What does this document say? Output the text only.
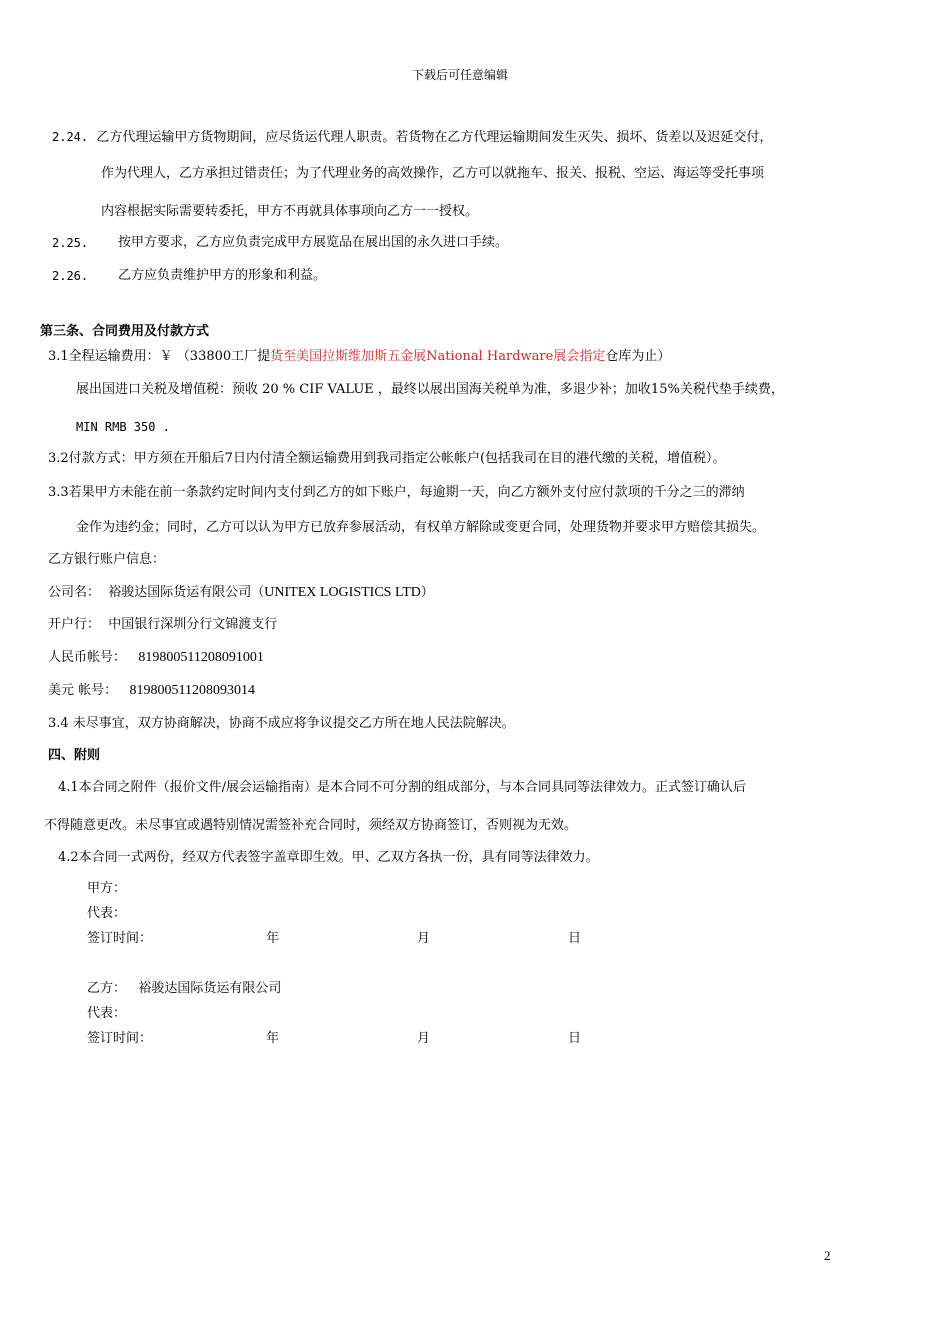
下载后可任意编辑
2.24. 乙方代理运输甲方货物期间，应尽货运代理人职责。若货物在乙方代理运输期间发生灭失、损坏、货差以及迟延交付，
作为代理人，乙方承担过错责任；为了代理业务的高效操作，乙方可以就拖车、报关、报税、空运、海运等受托事项
内容根据实际需要转委托，甲方不再就具体事项向乙方一一授权。
2.25. 按甲方要求，乙方应负责完成甲方展览品在展出国的永久进口手续。
2.26. 乙方应负责维护甲方的形象和利益。
第三条、合同费用及付款方式
3.1全程运输费用：￥ （33800工厂提货至美国拉斯维加斯五金展National Hardware展会指定仓库为止）
展出国进口关税及增值税：预收 20 % CIF VALUE ，最终以展出国海关税单为准，多退少补；加收15%关税代垫手续费，
MIN RMB 350 .
3.2付款方式：甲方须在开船后7日内付清全额运输费用到我司指定公帐帐户(包括我司在目的港代缴的关税，增值税）。
3.3若果甲方未能在前一条款约定时间内支付到乙方的如下账户，每逾期一天，向乙方额外支付应付款项的千分之三的滞纳
金作为违约金；同时，乙方可以认为甲方已放弃参展活动，有权单方解除或变更合同，处理货物并要求甲方赔偿其损失。
乙方银行账户信息：
公司名： 裕骏达国际货运有限公司（UNITEX LOGISTICS LTD）
开户行： 中国银行深圳分行文锦渡支行
人民币帐号： 819800511208091001
美元 帐号： 819800511208093014
3.4 未尽事宜，双方协商解决，协商不成应将争议提交乙方所在地人民法院解决。
四、附则
4.1本合同之附件（报价文件/展会运输指南）是本合同不可分割的组成部分，与本合同具同等法律效力。正式签订确认后
不得随意更改。未尽事宜或遇特别情况需签补充合同时，须经双方协商签订，否则视为无效。
4.2本合同一式两份，经双方代表签字盖章即生效。甲、乙双方各执一份，具有同等法律效力。
甲方：
代表：
签订时间：	年	月	日
乙方： 裕骏达国际货运有限公司
代表：
签订时间：	年	月	日
2
